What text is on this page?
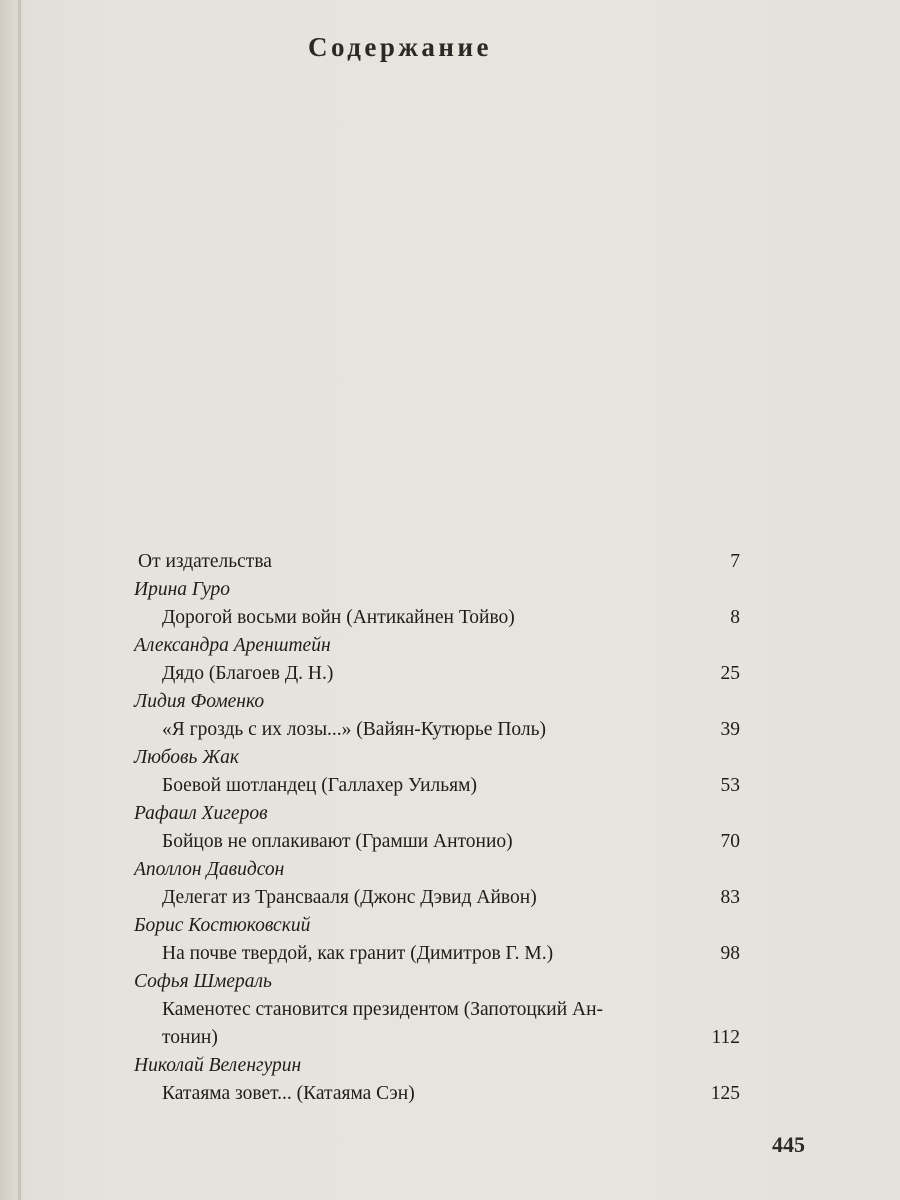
Содержание
От издательства	7
Ирина Гуро
Дорогой восьми войн (Антикайнен Тойво)	8
Александра Аренштейн
Дядо (Благоев Д. Н.)	25
Лидия Фоменко
«Я гроздь с их лозы...» (Вайян-Кутюрье Поль)	39
Любовь Жак
Боевой шотландец (Галлахер Уильям)	53
Рафаил Хигеров
Бойцов не оплакивают (Грамши Антонио)	70
Аполлон Давидсон
Делегат из Трансвааля (Джонс Дэвид Айвон)	83
Борис Костюковский
На почве твердой, как гранит (Димитров Г. М.)	98
Софья Шмераль
Каменотес становится президентом (Запотоцкий Ан-
тонин)	112
Николай Веленгурин
Катаяма зовет... (Катаяма Сэн)	125
445
